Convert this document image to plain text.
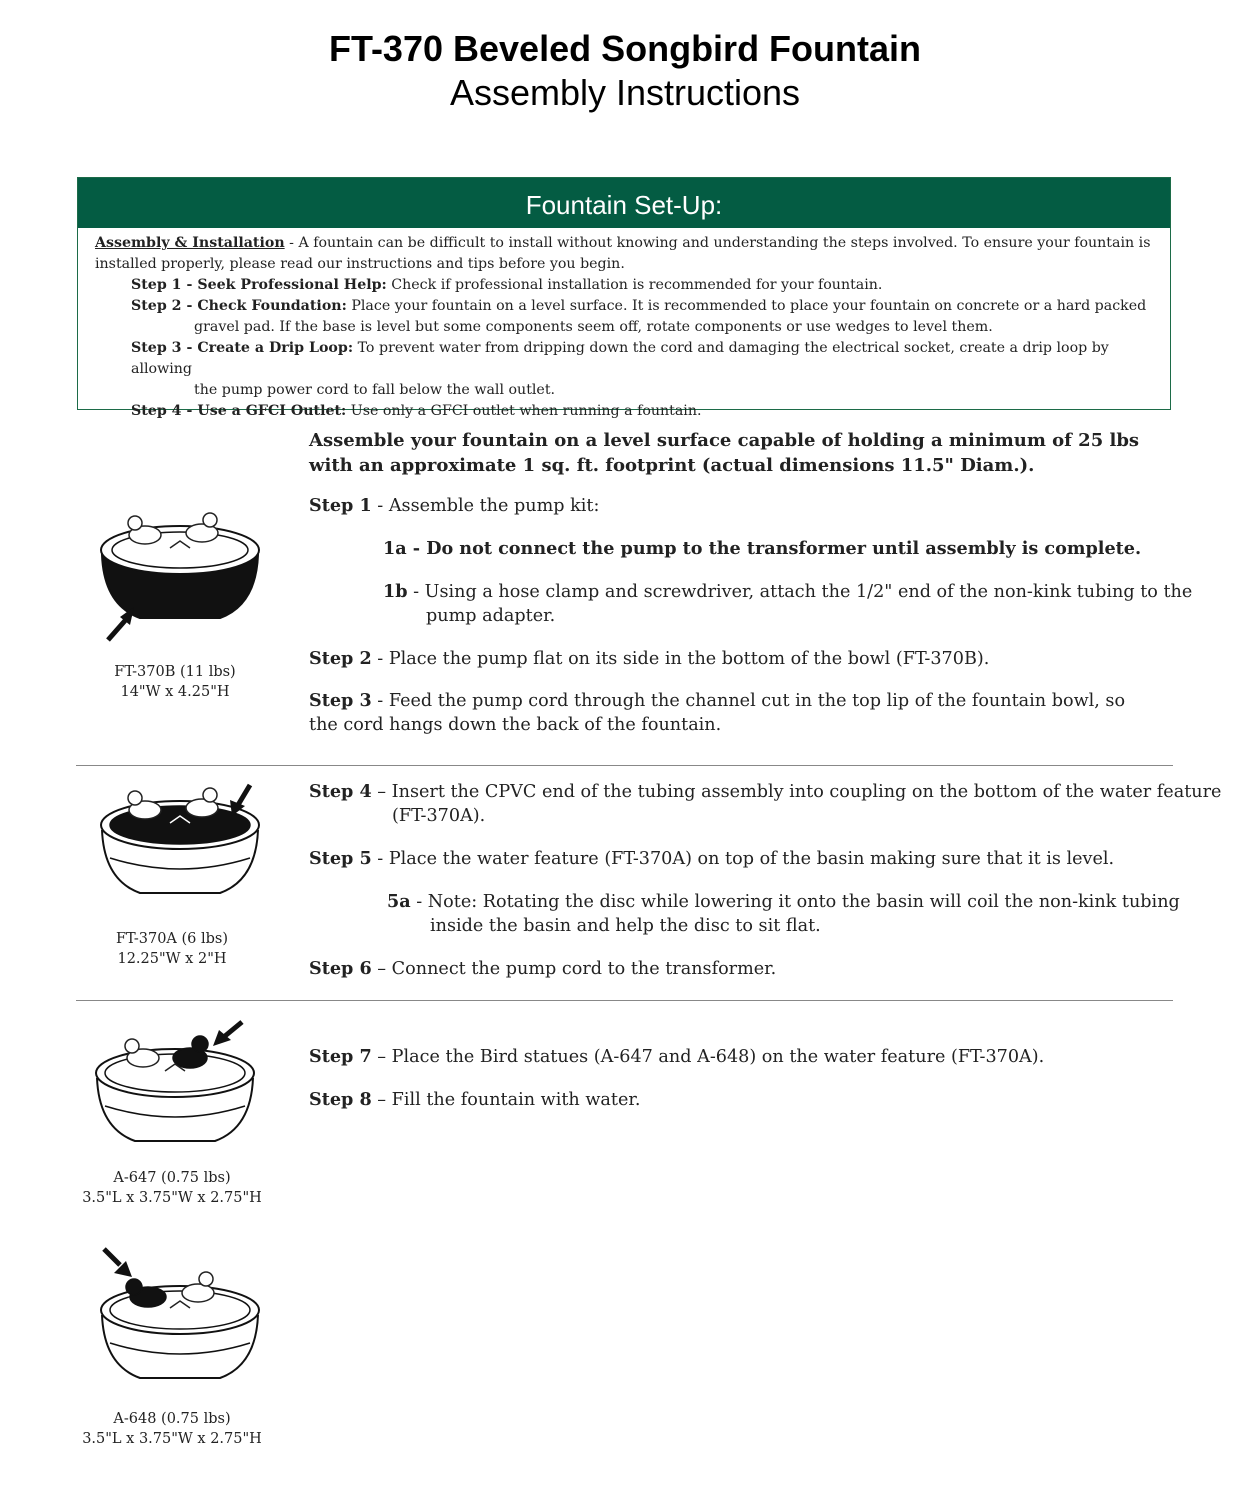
FT-370 Beveled Songbird Fountain
Assembly Instructions
Fountain Set-Up:
Assembly & Installation - A fountain can be difficult to install without knowing and understanding the steps involved. To ensure your fountain is installed properly, please read our instructions and tips before you begin.
Step 1 - Seek Professional Help: Check if professional installation is recommended for your fountain.
Step 2 - Check Foundation: Place your fountain on a level surface. It is recommended to place your fountain on concrete or a hard packed
gravel pad. If the base is level but some components seem off, rotate components or use wedges to level them.
Step 3 - Create a Drip Loop: To prevent water from dripping down the cord and damaging the electrical socket, create a drip loop by allowing
the pump power cord to fall below the wall outlet.
Step 4 - Use a GFCI Outlet: Use only a GFCI outlet when running a fountain.

Assemble your fountain on a level surface capable of holding a minimum of 25 lbs with an approximate 1 sq. ft. footprint (actual dimensions 11.5" Diam.).

Step 1 - Assemble the pump kit:

1a - Do not connect the pump to the transformer until assembly is complete.

1b - Using a hose clamp and screwdriver, attach the 1/2" end of the non-kink tubing to the pump adapter.

Step 2 - Place the pump flat on its side in the bottom of the bowl (FT-370B).

Step 3 - Feed the pump cord through the channel cut in the top lip of the fountain bowl, so the cord hangs down the back of the fountain.

Step 4 – Insert the CPVC end of the tubing assembly into coupling on the bottom of the water feature (FT-370A).

Step 5 - Place the water feature (FT-370A) on top of the basin making sure that it is level.

5a - Note: Rotating the disc while lowering it onto the basin will coil the non-kink tubing inside the basin and help the disc to sit flat.

Step 6 – Connect the pump cord to the transformer.

Step 7 – Place the Bird statues (A-647 and A-648) on the water feature (FT-370A).

Step 8 – Fill the fountain with water.

FT-370B (11 lbs)
14"W x 4.25"H
FT-370A (6 lbs)
12.25"W x 2"H
A-647 (0.75 lbs)
3.5"L x 3.75"W x 2.75"H
A-648 (0.75 lbs)
3.5"L x 3.75"W x 2.75"H
